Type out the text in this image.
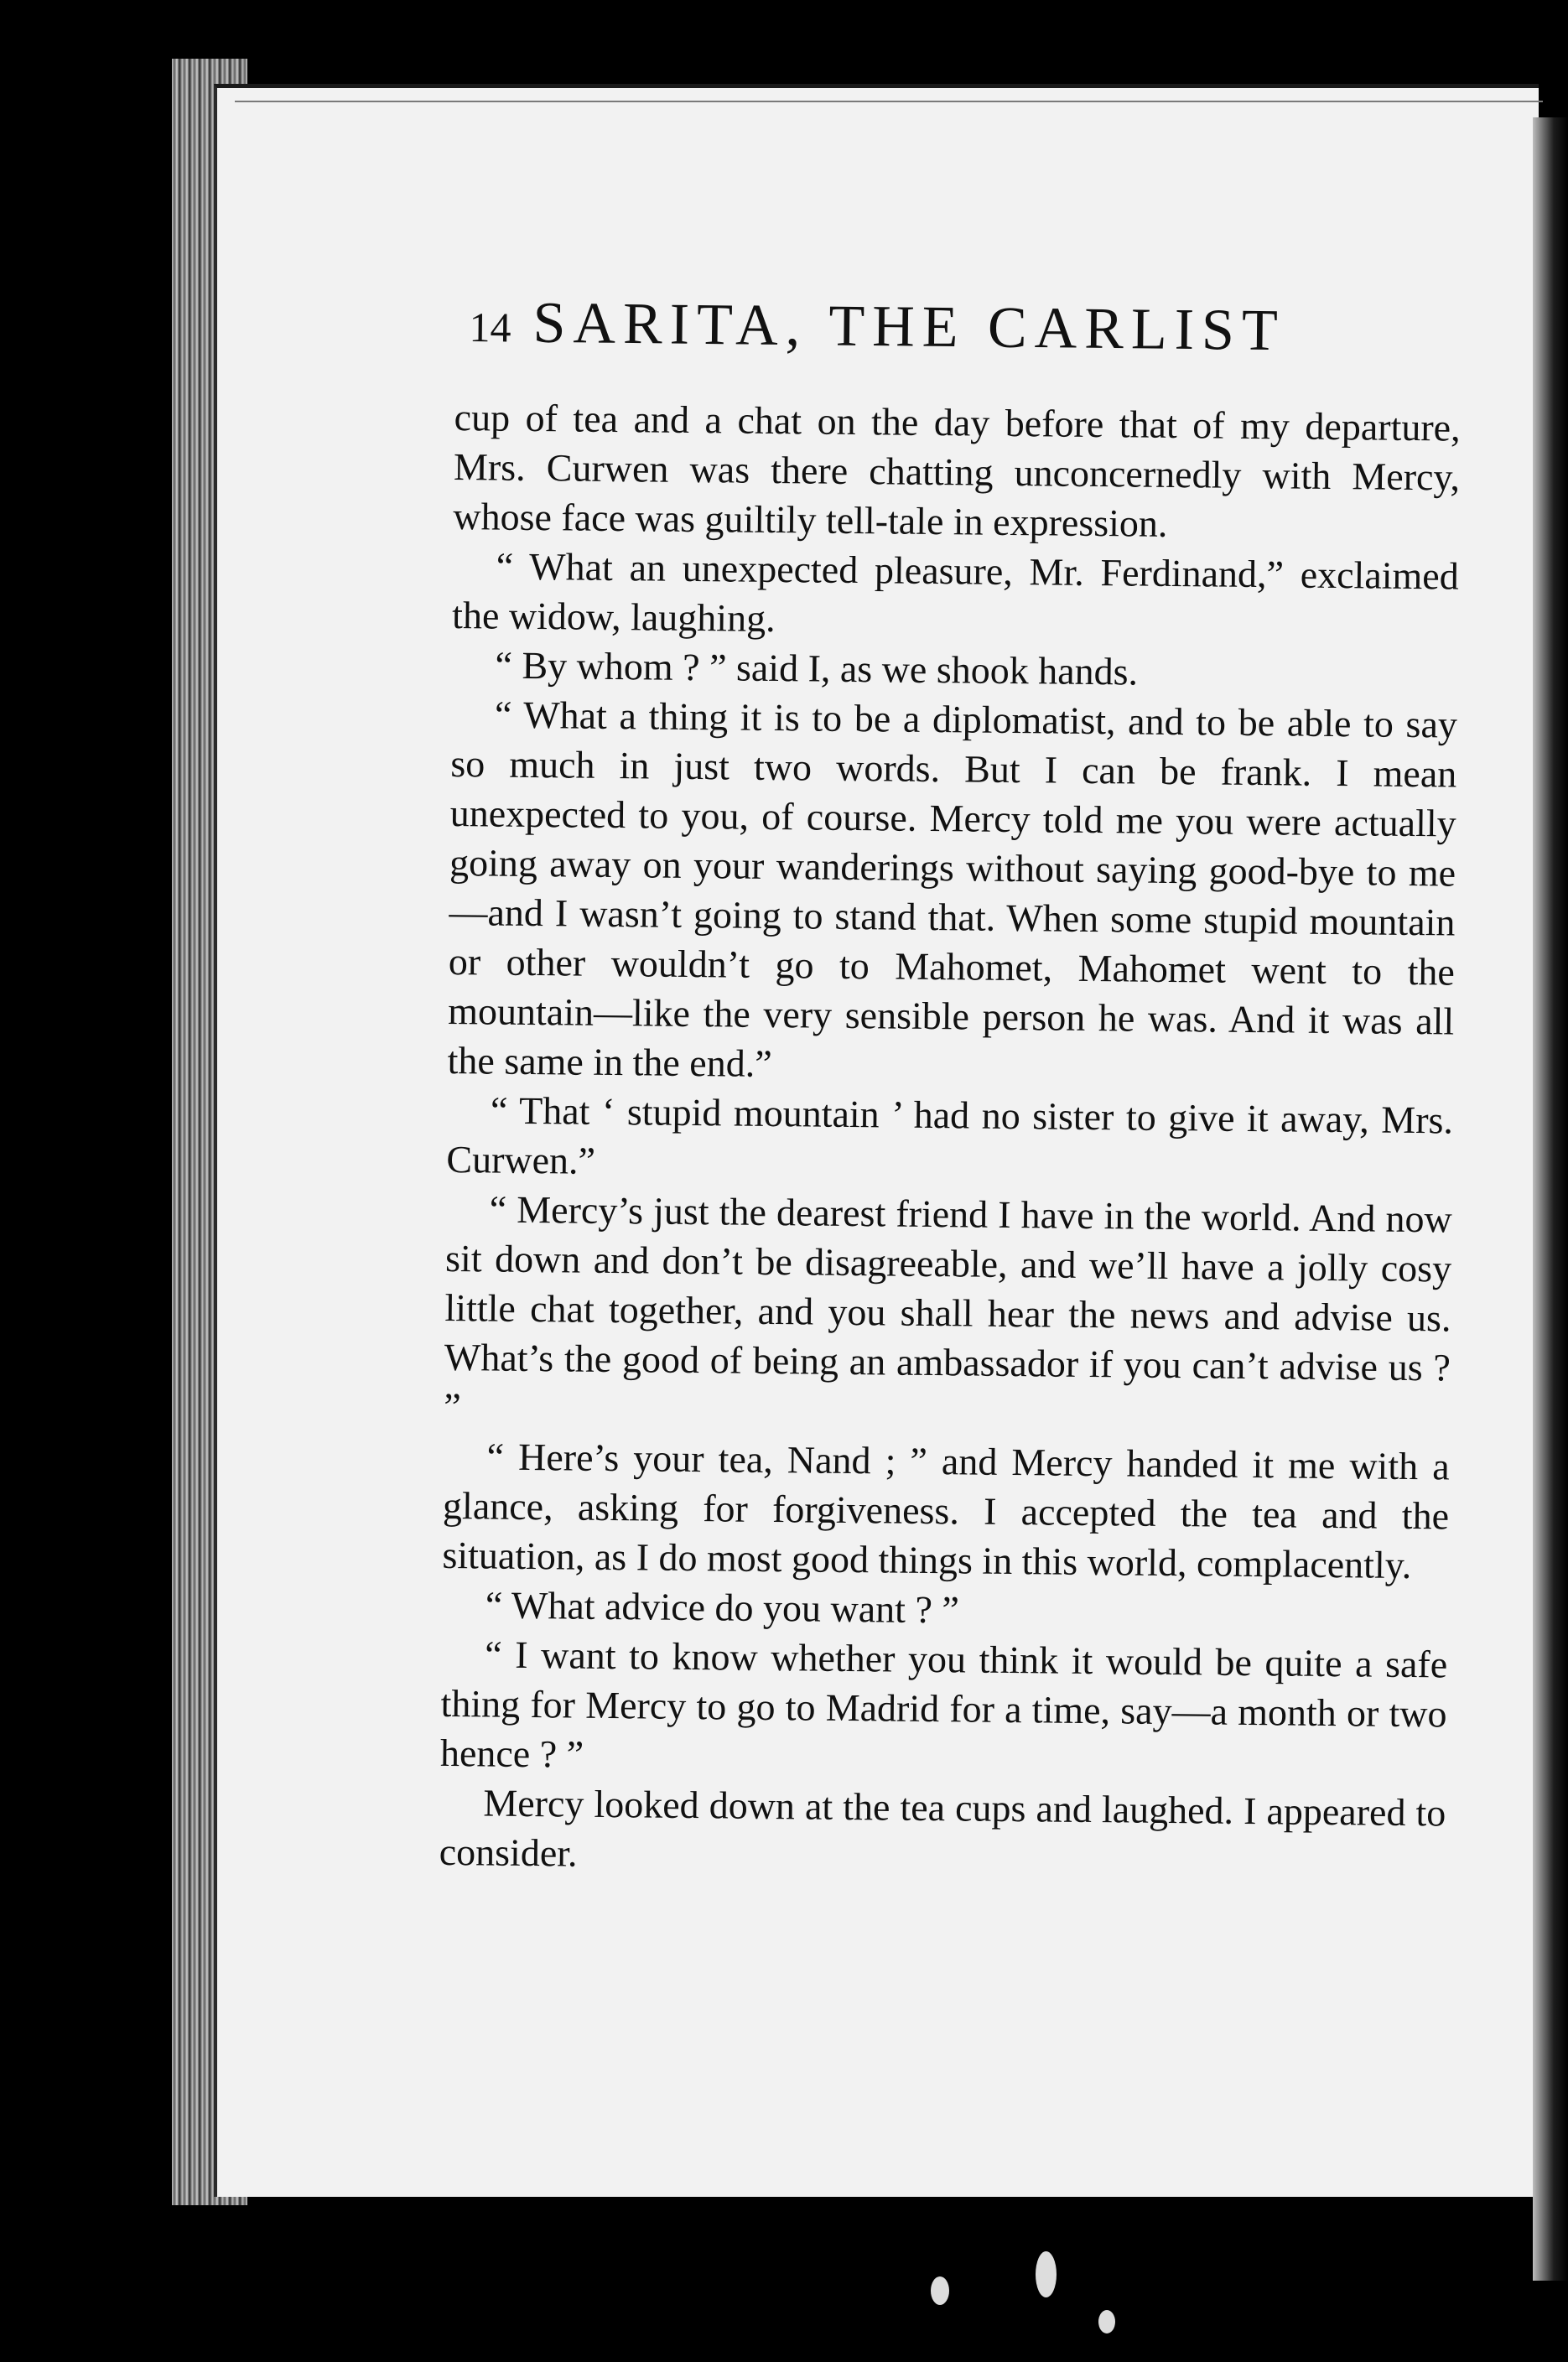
14 SARITA, THE CARLIST

cup of tea and a chat on the day before that of my departure, Mrs. Curwen was there chatting unconcernedly with Mercy, whose face was guiltily tell-tale in expression.

“ What an unexpected pleasure, Mr. Ferdinand,” exclaimed the widow, laughing.

“ By whom ? ” said I, as we shook hands.

“ What a thing it is to be a diplomatist, and to be able to say so much in just two words. But I can be frank. I mean unexpected to you, of course. Mercy told me you were actually going away on your wanderings without saying good-bye to me—and I wasn’t going to stand that. When some stupid mountain or other wouldn’t go to Mahomet, Mahomet went to the mountain—like the very sensible person he was. And it was all the same in the end.”

“ That ‘ stupid mountain ’ had no sister to give it away, Mrs. Curwen.”

“ Mercy’s just the dearest friend I have in the world. And now sit down and don’t be disagreeable, and we’ll have a jolly cosy little chat together, and you shall hear the news and advise us. What’s the good of being an ambassador if you can’t advise us ? ”

“ Here’s your tea, Nand ; ” and Mercy handed it me with a glance, asking for forgiveness. I accepted the tea and the situation, as I do most good things in this world, complacently.

“ What advice do you want ? ”

“ I want to know whether you think it would be quite a safe thing for Mercy to go to Madrid for a time, say—a month or two hence ? ”

Mercy looked down at the tea cups and laughed. I appeared to consider.
